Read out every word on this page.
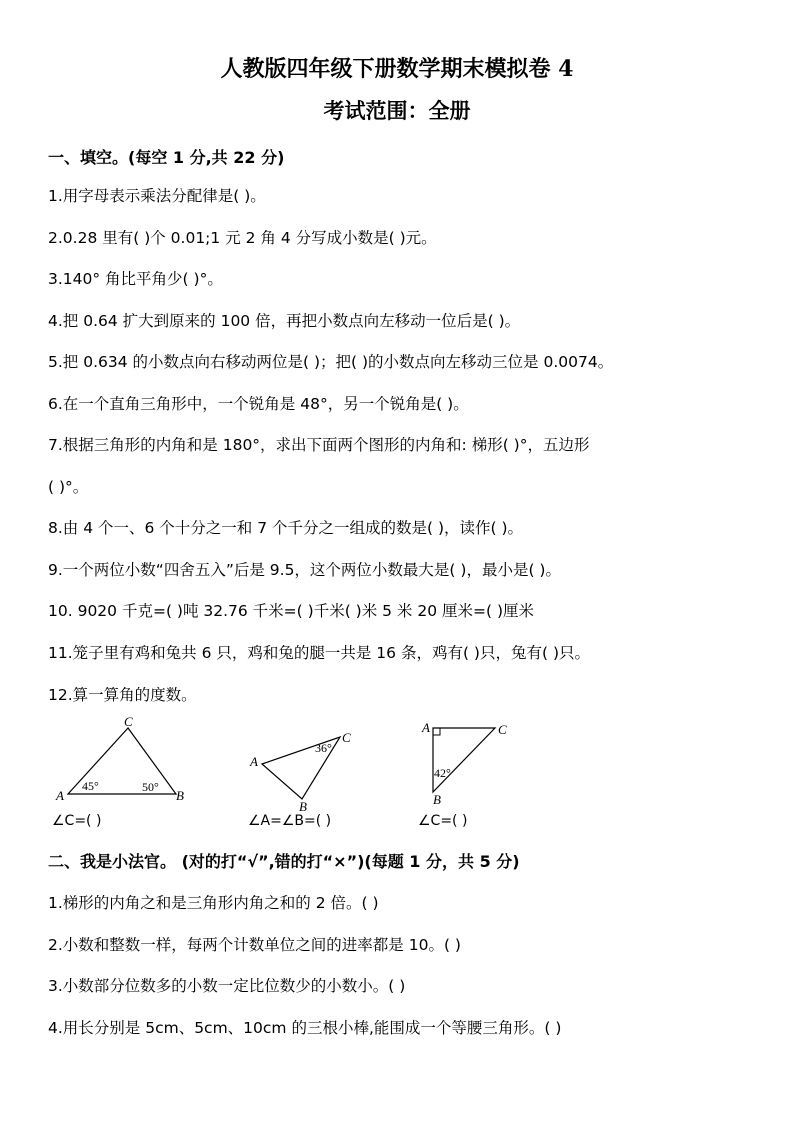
人教版四年级下册数学期末模拟卷 4
考试范围：全册
一、填空。(每空 1 分,共 22 分)
1.用字母表示乘法分配律是( )。
2.0.28 里有( )个 0.01;1 元 2 角 4 分写成小数是( )元。
3.140° 角比平角少( )°。
4.把 0.64 扩大到原来的 100 倍，再把小数点向左移动一位后是( )。
5.把 0.634 的小数点向右移动两位是( )；把( )的小数点向左移动三位是 0.0074。
6.在一个直角三角形中，一个锐角是 48°，另一个锐角是( )。
7.根据三角形的内角和是 180°，求出下面两个图形的内角和: 梯形( )°，五边形
( )°。
8.由 4 个一、6 个十分之一和 7 个千分之一组成的数是( )，读作( )。
9.一个两位小数“四舍五入”后是 9.5，这个两位小数最大是( )，最小是( )。
10. 9020 千克=( )吨 32.76 千米=( )千米( )米 5 米 20 厘米=( )厘米
11.笼子里有鸡和兔共 6 只，鸡和兔的腿一共是 16 条，鸡有( )只，兔有( )只。
12.算一算角的度数。
C
A	B
45°	50°
C
A
B
36°
A	C
B
42°
∠C=( )	∠A=∠B=( )	∠C=( )
二、我是小法官。 (对的打“√”,错的打“×”)(每题 1 分，共 5 分)
1.梯形的内角之和是三角形内角之和的 2 倍。( )
2.小数和整数一样，每两个计数单位之间的进率都是 10。( )
3.小数部分位数多的小数一定比位数少的小数小。( )
4.用长分别是 5cm、5cm、10cm 的三根小棒,能围成一个等腰三角形。( )
